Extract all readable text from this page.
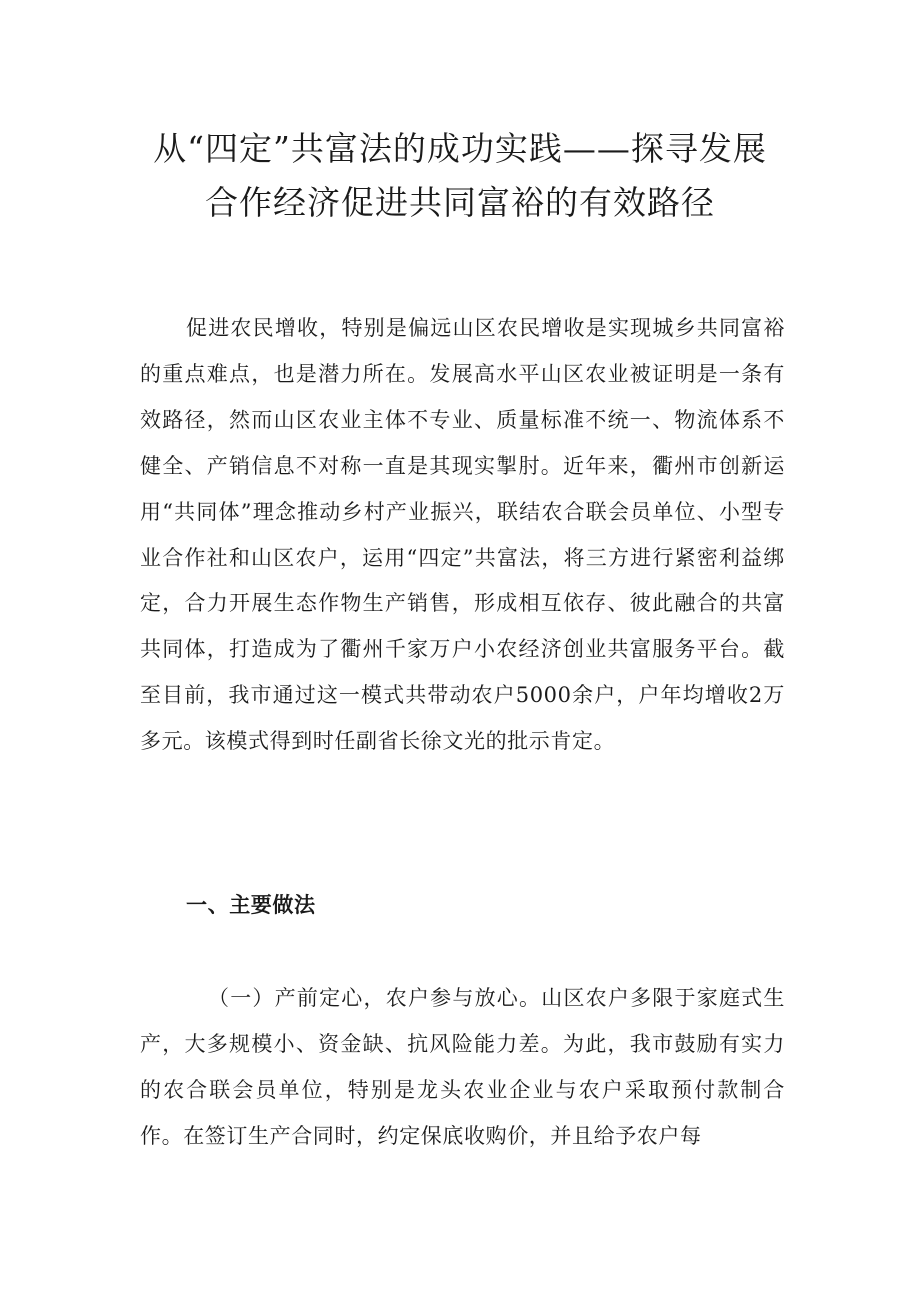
从“四定”共富法的成功实践——探寻发展
合作经济促进共同富裕的有效路径

促进农民增收，特别是偏远山区农民增收是实现城乡共同富裕的重点难点，也是潜力所在。发展高水平山区农业被证明是一条有效路径，然而山区农业主体不专业、质量标准不统一、物流体系不健全、产销信息不对称一直是其现实掣肘。近年来，衢州市创新运用“共同体”理念推动乡村产业振兴，联结农合联会员单位、小型专业合作社和山区农户，运用“四定”共富法，将三方进行紧密利益绑定，合力开展生态作物生产销售，形成相互依存、彼此融合的共富共同体，打造成为了衢州千家万户小农经济创业共富服务平台。截至目前，我市通过这一模式共带动农户5000余户，户年均增收2万多元。该模式得到时任副省长徐文光的批示肯定。

一、主要做法

（一）产前定心，农户参与放心。山区农户多限于家庭式生产，大多规模小、资金缺、抗风险能力差。为此，我市鼓励有实力的农合联会员单位，特别是龙头农业企业与农户采取预付款制合作。在签订生产合同时，约定保底收购价，并且给予农户每
